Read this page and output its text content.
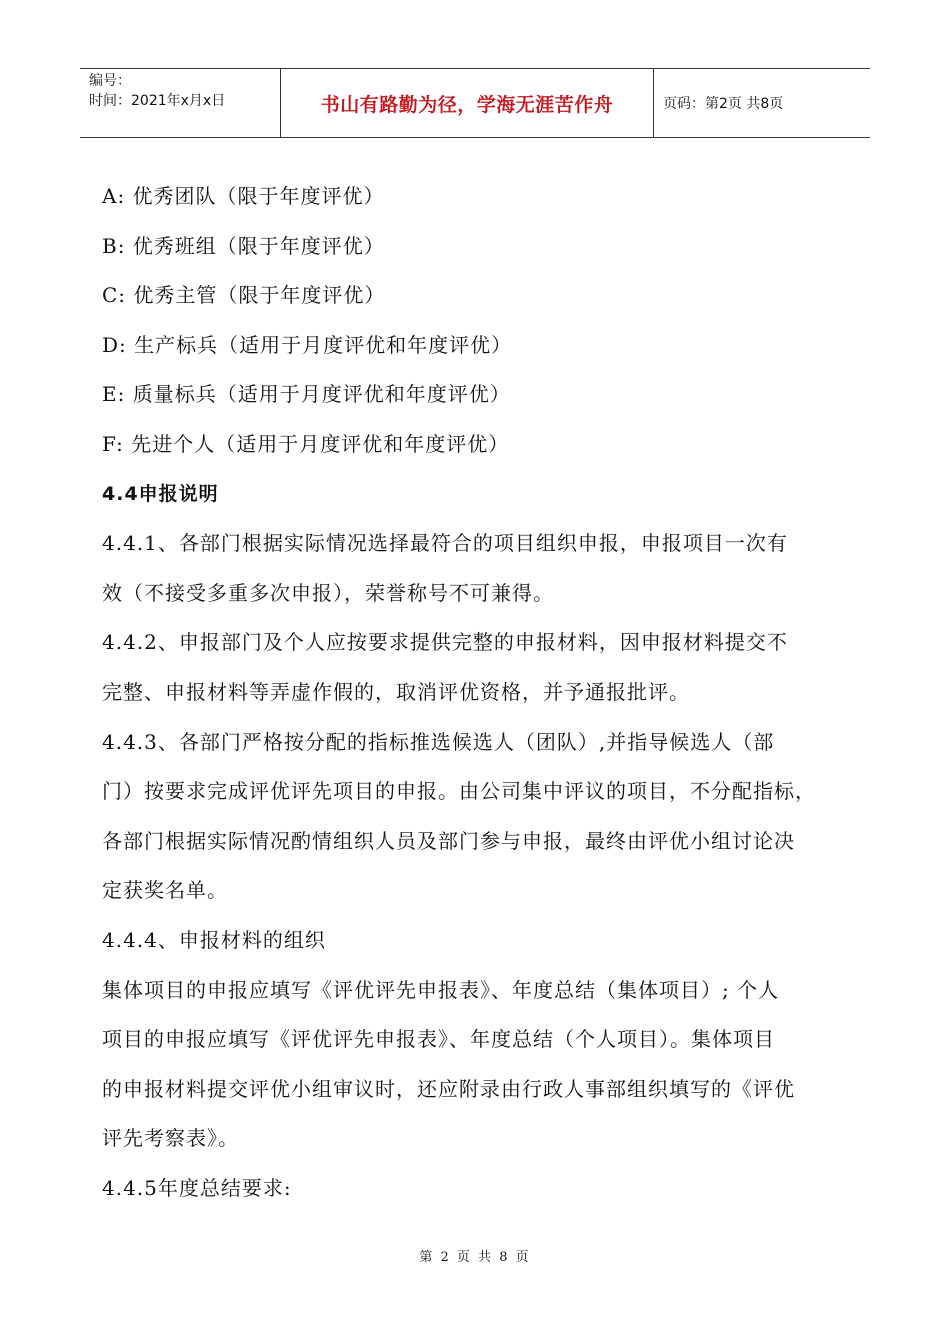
编号：
时间：2021年x月x日	书山有路勤为径，学海无涯苦作舟	页码：第2页 共8页
A: 优秀团队（限于年度评优）
B: 优秀班组（限于年度评优）
C: 优秀主管（限于年度评优）
D: 生产标兵（适用于月度评优和年度评优）
E: 质量标兵（适用于月度评优和年度评优）
F: 先进个人（适用于月度评优和年度评优）
4.4申报说明
4.4.1、各部门根据实际情况选择最符合的项目组织申报，申报项目一次有
效（不接受多重多次申报），荣誉称号不可兼得。
4.4.2、申报部门及个人应按要求提供完整的申报材料，因申报材料提交不
完整、申报材料等弄虚作假的，取消评优资格，并予通报批评。
4.4.3、各部门严格按分配的指标推选候选人（团队）,并指导候选人（部
门）按要求完成评优评先项目的申报。由公司集中评议的项目，不分配指标，
各部门根据实际情况酌情组织人员及部门参与申报，最终由评优小组讨论决
定获奖名单。
4.4.4、申报材料的组织
集体项目的申报应填写《评优评先申报表》、年度总结（集体项目）; 个人
项目的申报应填写《评优评先申报表》、年度总结（个人项目）。集体项目
的申报材料提交评优小组审议时，还应附录由行政人事部组织填写的《评优
评先考察表》。
4.4.5年度总结要求:
第 2 页 共 8 页
